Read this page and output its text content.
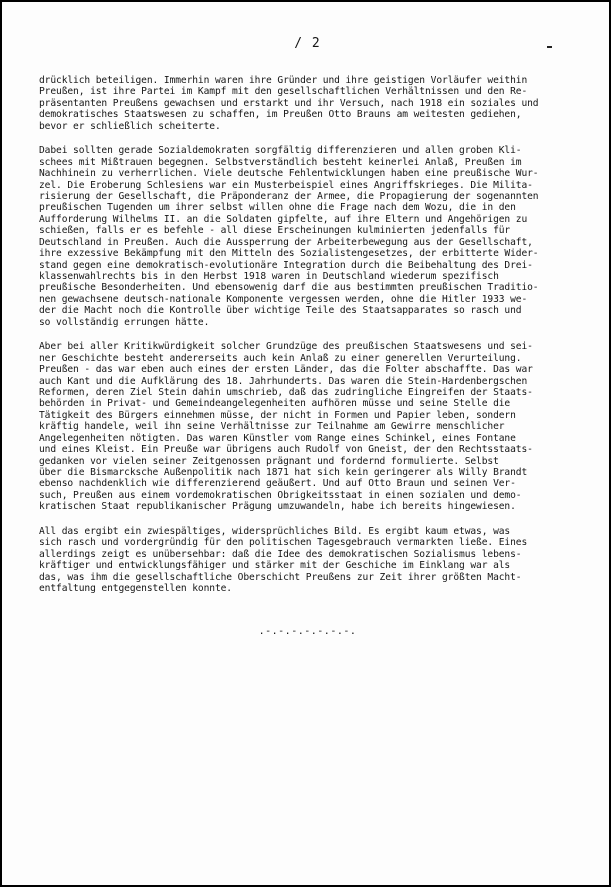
/ 2
drücklich beteiligen. Immerhin waren ihre Gründer und ihre geistigen Vorläufer weithin
Preußen, ist ihre Partei im Kampf mit den gesellschaftlichen Verhältnissen und den Re-
präsentanten Preußens gewachsen und erstarkt und ihr Versuch, nach 1918 ein soziales und
demokratisches Staatswesen zu schaffen, im Preußen Otto Brauns am weitesten gediehen,
bevor er schließlich scheiterte.
Dabei sollten gerade Sozialdemokraten sorgfältig differenzieren und allen groben Kli-
schees mit Mißtrauen begegnen. Selbstverständlich besteht keinerlei Anlaß, Preußen im
Nachhinein zu verherrlichen. Viele deutsche Fehlentwicklungen haben eine preußische Wur-
zel. Die Eroberung Schlesiens war ein Musterbeispiel eines Angriffskrieges. Die Milita-
risierung der Gesellschaft, die Präponderanz der Armee, die Propagierung der sogenannten
preußischen Tugenden um ihrer selbst willen ohne die Frage nach dem Wozu, die in den
Aufforderung Wilhelms II. an die Soldaten gipfelte, auf ihre Eltern und Angehörigen zu
schießen, falls er es befehle - all diese Erscheinungen kulminierten jedenfalls für
Deutschland in Preußen. Auch die Aussperrung der Arbeiterbewegung aus der Gesellschaft,
ihre exzessive Bekämpfung mit den Mitteln des Sozialistengesetzes, der erbitterte Wider-
stand gegen eine demokratisch-evolutionäre Integration durch die Beibehaltung des Drei-
klassenwahlrechts bis in den Herbst 1918 waren in Deutschland wiederum spezifisch
preußische Besonderheiten. Und ebensowenig darf die aus bestimmten preußischen Traditio-
nen gewachsene deutsch-nationale Komponente vergessen werden, ohne die Hitler 1933 we-
der die Macht noch die Kontrolle über wichtige Teile des Staatsapparates so rasch und
so vollständig errungen hätte.
Aber bei aller Kritikwürdigkeit solcher Grundzüge des preußischen Staatswesens und sei-
ner Geschichte besteht andererseits auch kein Anlaß zu einer generellen Verurteilung.
Preußen - das war eben auch eines der ersten Länder, das die Folter abschaffte. Das war
auch Kant und die Aufklärung des 18. Jahrhunderts. Das waren die Stein-Hardenbergschen
Reformen, deren Ziel Stein dahin umschrieb, daß das zudringliche Eingreifen der Staats-
behörden in Privat- und Gemeindeangelegenheiten aufhören müsse und seine Stelle die
Tätigkeit des Bürgers einnehmen müsse, der nicht in Formen und Papier leben, sondern
kräftig handele, weil ihn seine Verhältnisse zur Teilnahme am Gewirre menschlicher
Angelegenheiten nötigten. Das waren Künstler vom Range eines Schinkel, eines Fontane
und eines Kleist. Ein Preuße war übrigens auch Rudolf von Gneist, der den Rechtsstaats-
gedanken vor vielen seiner Zeitgenossen prägnant und fordernd formulierte. Selbst
über die Bismarcksche Außenpolitik nach 1871 hat sich kein geringerer als Willy Brandt
ebenso nachdenklich wie differenzierend geäußert. Und auf Otto Braun und seinen Ver-
such, Preußen aus einem vordemokratischen Obrigkeitsstaat in einen sozialen und demo-
kratischen Staat republikanischer Prägung umzuwandeln, habe ich bereits hingewiesen.
All das ergibt ein zwiespältiges, widersprüchliches Bild. Es ergibt kaum etwas, was
sich rasch und vordergründig für den politischen Tagesgebrauch vermarkten ließe. Eines
allerdings zeigt es unübersehbar: daß die Idee des demokratischen Sozialismus lebens-
kräftiger und entwicklungsfähiger und stärker mit der Geschiche im Einklang war als
das, was ihm die gesellschaftliche Oberschicht Preußens zur Zeit ihrer größten Macht-
entfaltung entgegenstellen konnte.
.-.-.-.-.-.-.-.
